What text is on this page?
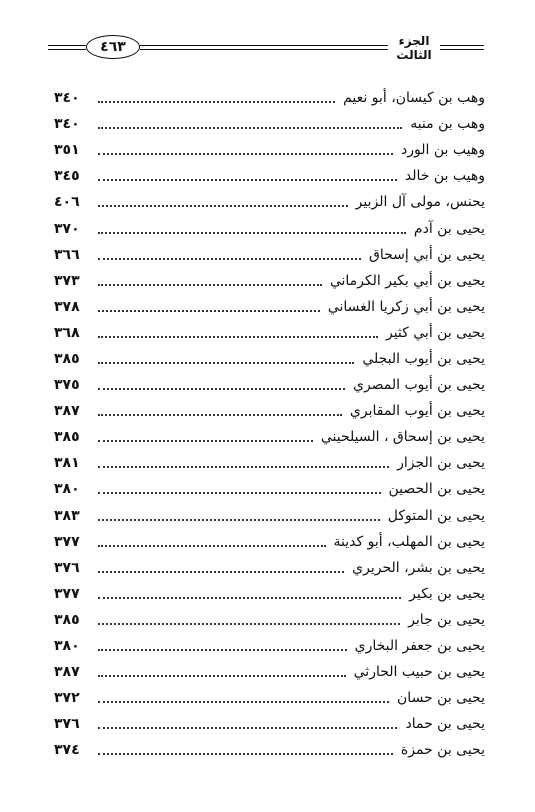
٤٦٣	الجزء الثالث
وهب بن كيسان، أبو نعيم
٣٤٠
وهب بن منبه
٣٤٠
وهيب بن الورد
٣٥١
وهيب بن خالد
٣٤٥
يحنس، مولى آل الزبير
٤٠٦
يحيى بن آدم
٣٧٠
يحيى بن أبي إسحاق
٣٦٦
يحيى بن أبي بكير الكرماني
٣٧٣
يحيى بن أبي زكريا الغساني
٣٧٨
يحيى بن أبي كثير
٣٦٨
يحيى بن أيوب البجلي
٣٨٥
يحيى بن أيوب المصري
٣٧٥
يحيى بن أيوب المقابري
٣٨٧
يحيى بن إسحاق ، السيلحيني
٣٨٥
يحيى بن الجزار
٣٨١
يحيى بن الحصين
٣٨٠
يحيى بن المتوكل
٣٨٣
يحيى بن المهلب، أبو كدينة
٣٧٧
يحيى بن بشر، الحريري
٣٧٦
يحيى بن بكير
٣٧٧
يحيى بن جابر
٣٨٥
يحيى بن جعفر البخاري
٣٨٠
يحيى بن حبيب الحارثي
٣٨٧
يحيى بن حسان
٣٧٢
يحيى بن حماد
٣٧٦
يحيى بن حمزة
٣٧٤
